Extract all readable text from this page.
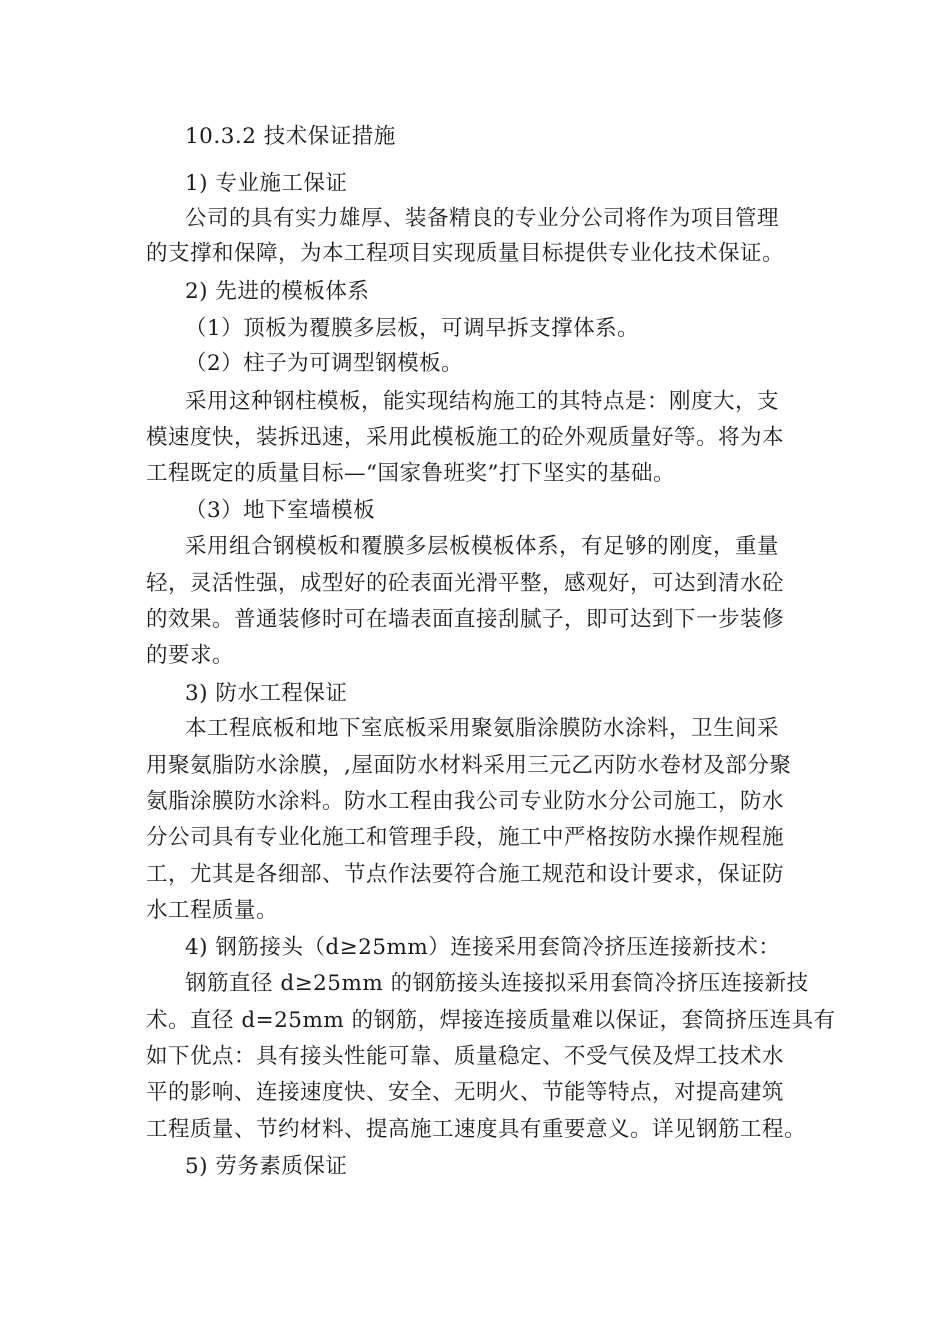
10.3.2 技术保证措施
1) 专业施工保证
公司的具有实力雄厚、装备精良的专业分公司将作为项目管理
的支撑和保障，为本工程项目实现质量目标提供专业化技术保证。
2) 先进的模板体系
（1）顶板为覆膜多层板，可调早拆支撑体系。
（2）柱子为可调型钢模板。
采用这种钢柱模板，能实现结构施工的其特点是：刚度大，支
模速度快，装拆迅速，采用此模板施工的砼外观质量好等。将为本
工程既定的质量目标—“国家鲁班奖”打下坚实的基础。
（3）地下室墙模板
采用组合钢模板和覆膜多层板模板体系，有足够的刚度，重量
轻，灵活性强，成型好的砼表面光滑平整，感观好，可达到清水砼
的效果。普通装修时可在墙表面直接刮腻子，即可达到下一步装修
的要求。
3) 防水工程保证
本工程底板和地下室底板采用聚氨脂涂膜防水涂料，卫生间采
用聚氨脂防水涂膜，,屋面防水材料采用三元乙丙防水卷材及部分聚
氨脂涂膜防水涂料。防水工程由我公司专业防水分公司施工，防水
分公司具有专业化施工和管理手段，施工中严格按防水操作规程施
工，尤其是各细部、节点作法要符合施工规范和设计要求，保证防
水工程质量。
4) 钢筋接头（d≥25mm）连接采用套筒冷挤压连接新技术：
钢筋直径 d≥25mm 的钢筋接头连接拟采用套筒冷挤压连接新技
术。直径 d=25mm 的钢筋，焊接连接质量难以保证，套筒挤压连具有
如下优点：具有接头性能可靠、质量稳定、不受气侯及焊工技术水
平的影响、连接速度快、安全、无明火、节能等特点，对提高建筑
工程质量、节约材料、提高施工速度具有重要意义。详见钢筋工程。
5) 劳务素质保证
